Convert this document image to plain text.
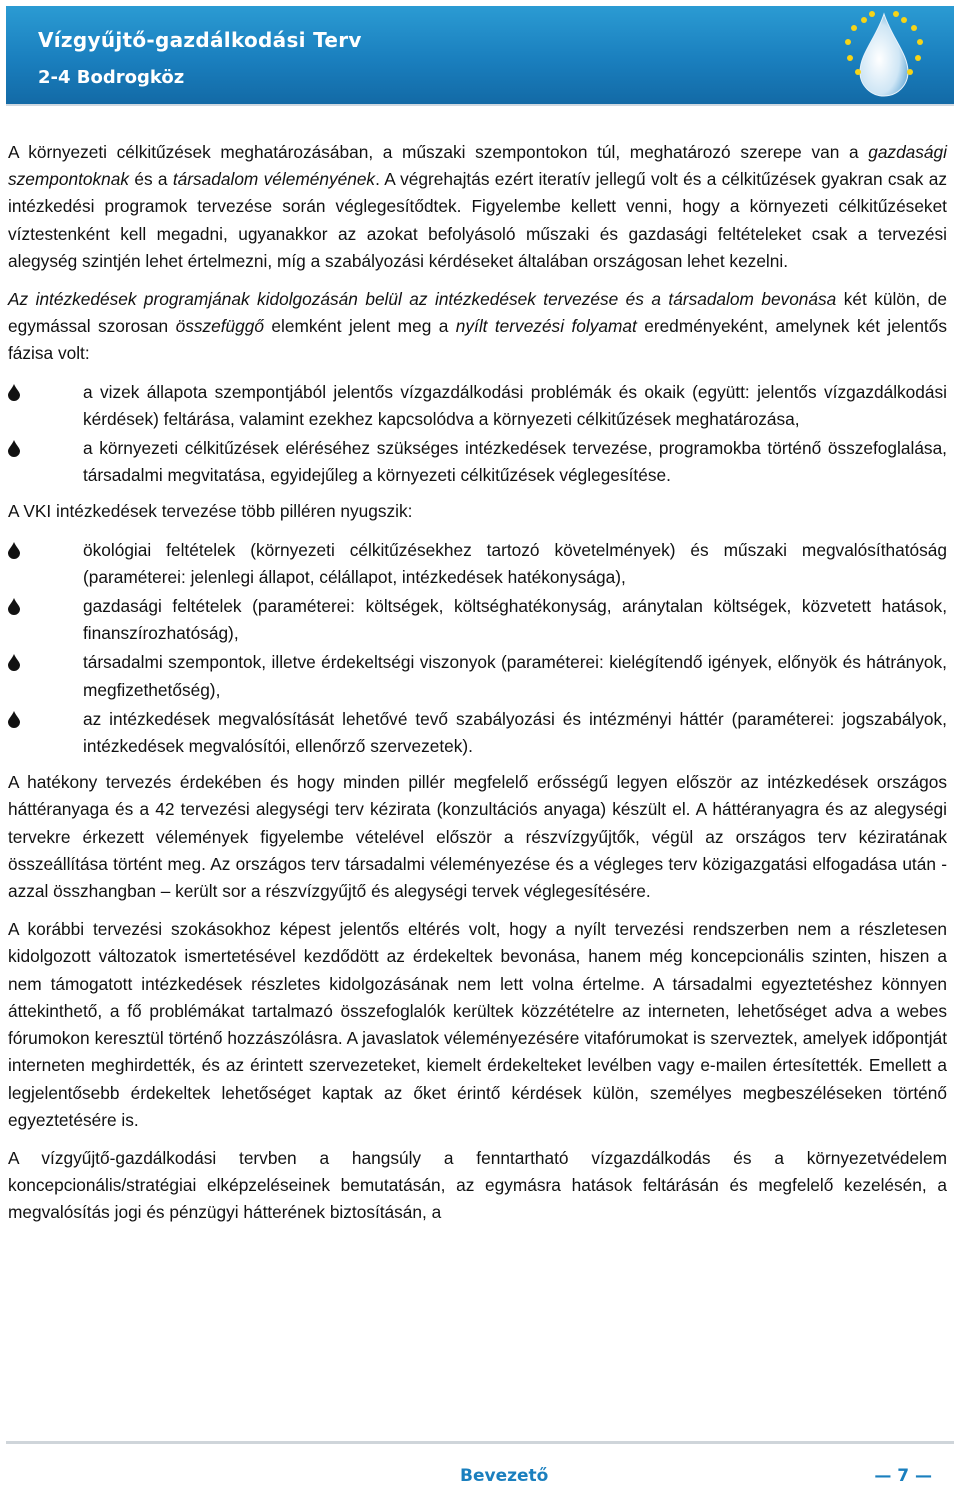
Vízgyűjtő-gazdálkodási Terv
2-4 Bodrogköz

A környezeti célkitűzések meghatározásában, a műszaki szempontokon túl, meghatározó szerepe van a gazdasági szempontoknak és a társadalom véleményének. A végrehajtás ezért iteratív jellegű volt és a célkitűzések gyakran csak az intézkedési programok tervezése során véglegesítődtek. Figyelembe kellett venni, hogy a környezeti célkitűzéseket víztestenként kell megadni, ugyanakkor az azokat befolyásoló műszaki és gazdasági feltételeket csak a tervezési alegység szintjén lehet értelmezni, míg a szabályozási kérdéseket általában országosan lehet kezelni.

Az intézkedések programjának kidolgozásán belül az intézkedések tervezése és a társadalom bevonása két külön, de egymással szorosan összefüggő elemként jelent meg a nyílt tervezési folyamat eredményeként, amelynek két jelentős fázisa volt:

a vizek állapota szempontjából jelentős vízgazdálkodási problémák és okaik (együtt: jelentős vízgazdálkodási kérdések) feltárása, valamint ezekhez kapcsolódva a környezeti célkitűzések meghatározása,
a környezeti célkitűzések eléréséhez szükséges intézkedések tervezése, programokba történő összefoglalása, társadalmi megvitatása, egyidejűleg a környezeti célkitűzések véglegesítése.

A VKI intézkedések tervezése több pilléren nyugszik:

ökológiai feltételek (környezeti célkitűzésekhez tartozó követelmények) és műszaki megvalósíthatóság (paraméterei: jelenlegi állapot, célállapot, intézkedések hatékonysága),
gazdasági feltételek (paraméterei: költségek, költséghatékonyság, aránytalan költségek, közvetett hatások, finanszírozhatóság),
társadalmi szempontok, illetve érdekeltségi viszonyok (paraméterei: kielégítendő igények, előnyök és hátrányok, megfizethetőség),
az intézkedések megvalósítását lehetővé tevő szabályozási és intézményi háttér (paraméterei: jogszabályok, intézkedések megvalósítói, ellenőrző szervezetek).

A hatékony tervezés érdekében és hogy minden pillér megfelelő erősségű legyen először az intézkedések országos háttéranyaga és a 42 tervezési alegységi terv kézirata (konzultációs anyaga) készült el. A háttéranyagra és az alegységi tervekre érkezett vélemények figyelembe vételével először a részvízgyűjtők, végül az országos terv kéziratának összeállítása történt meg. Az országos terv társadalmi véleményezése és a végleges terv közigazgatási elfogadása után - azzal összhangban – került sor a részvízgyűjtő és alegységi tervek véglegesítésére.

A korábbi tervezési szokásokhoz képest jelentős eltérés volt, hogy a nyílt tervezési rendszerben nem a részletesen kidolgozott változatok ismertetésével kezdődött az érdekeltek bevonása, hanem még koncepcionális szinten, hiszen a nem támogatott intézkedések részletes kidolgozásának nem lett volna értelme. A társadalmi egyeztetéshez könnyen áttekinthető, a fő problémákat tartalmazó összefoglalók kerültek közzétételre az interneten, lehetőséget adva a webes fórumokon keresztül történő hozzászólásra. A javaslatok véleményezésére vitafórumokat is szerveztek, amelyek időpontját interneten meghirdették, és az érintett szervezeteket, kiemelt érdekelteket levélben vagy e-mailen értesítették. Emellett a legjelentősebb érdekeltek lehetőséget kaptak az őket érintő kérdések külön, személyes megbeszéléseken történő egyeztetésére is.

A vízgyűjtő-gazdálkodási tervben a hangsúly a fenntartható vízgazdálkodás és a környezetvédelem koncepcionális/stratégiai elképzeléseinek bemutatásán, az egymásra hatások feltárásán és megfelelő kezelésén, a megvalósítás jogi és pénzügyi hátterének biztosításán, a

Bevezető	— 7 —
